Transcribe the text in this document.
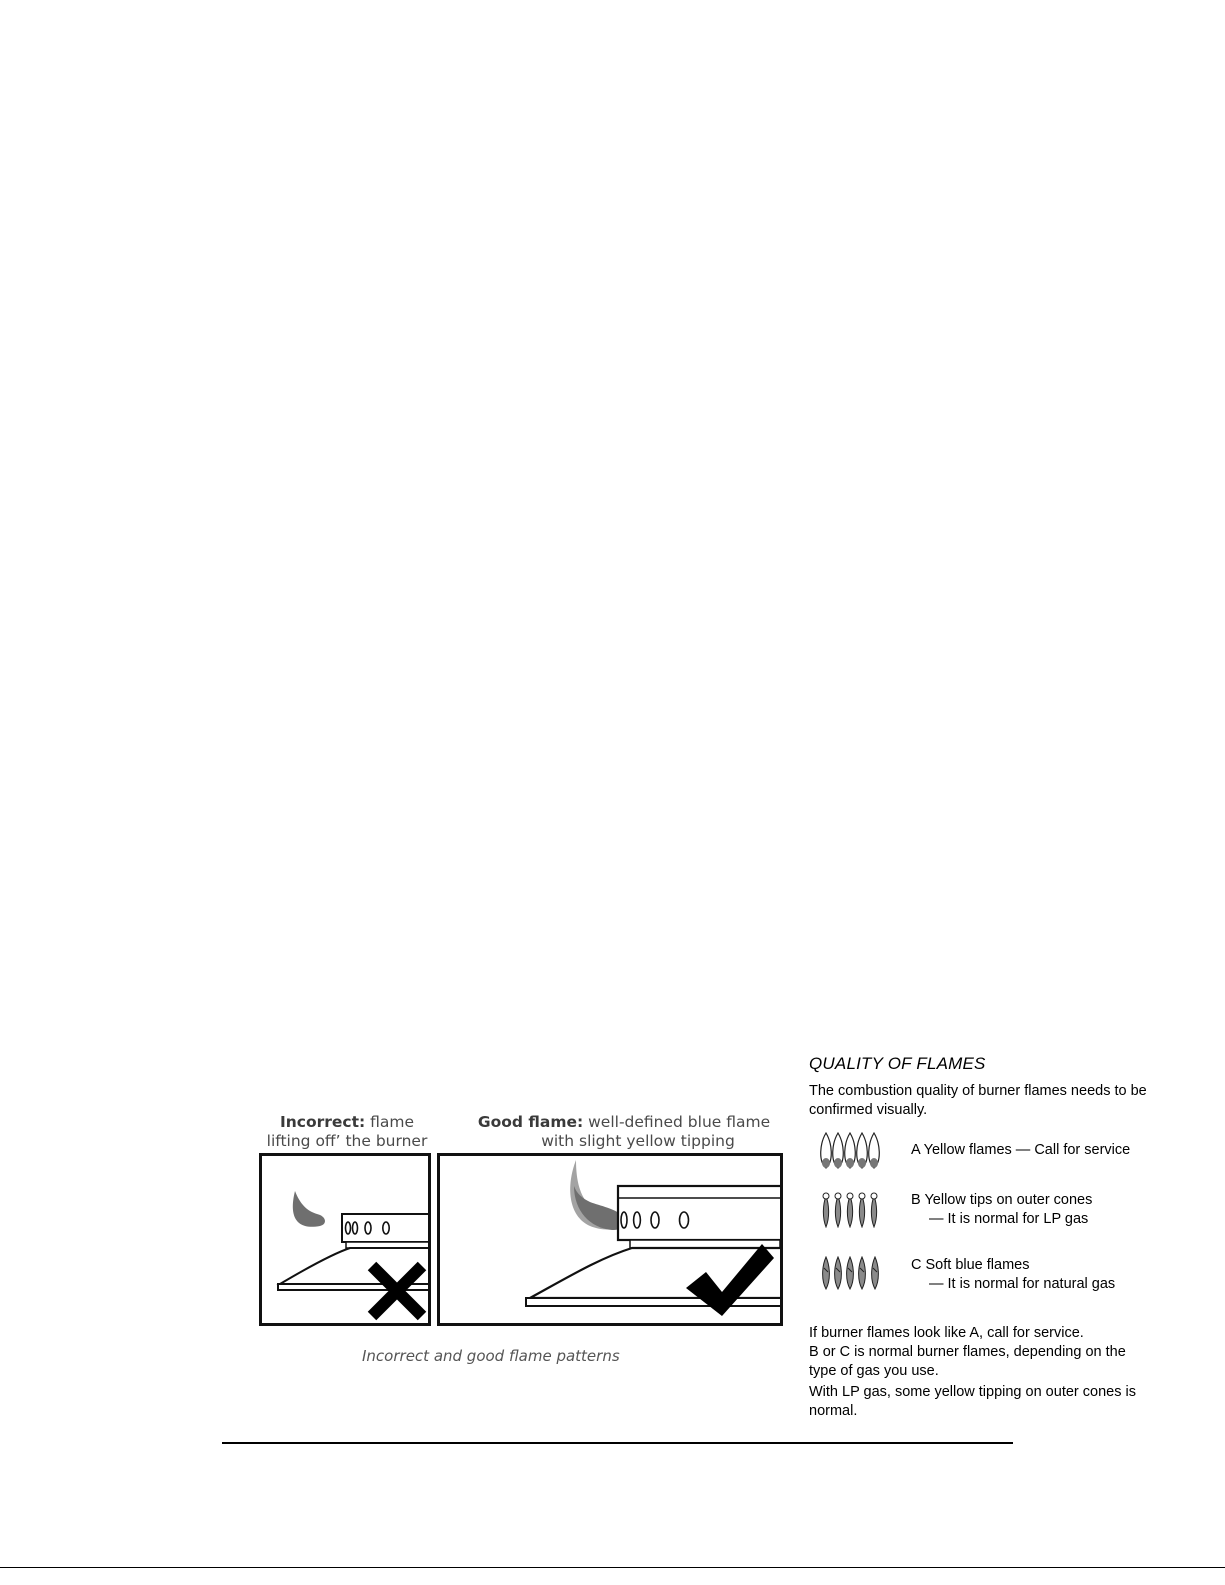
Incorrect: flame
lifting off’ the burner
Good flame: well-defined blue flame
with slight yellow tipping
Incorrect and good flame patterns
QUALITY OF FLAMES
The combustion quality of burner flames needs to be
confirmed visually.
A Yellow flames — Call for service
B Yellow tips on outer cones
— It is normal for LP gas
C Soft blue flames
— It is normal for natural gas
If burner flames look like A, call for service.
B or C is normal burner flames, depending on the
type of gas you use.
With LP gas, some yellow tipping on outer cones is
normal.
